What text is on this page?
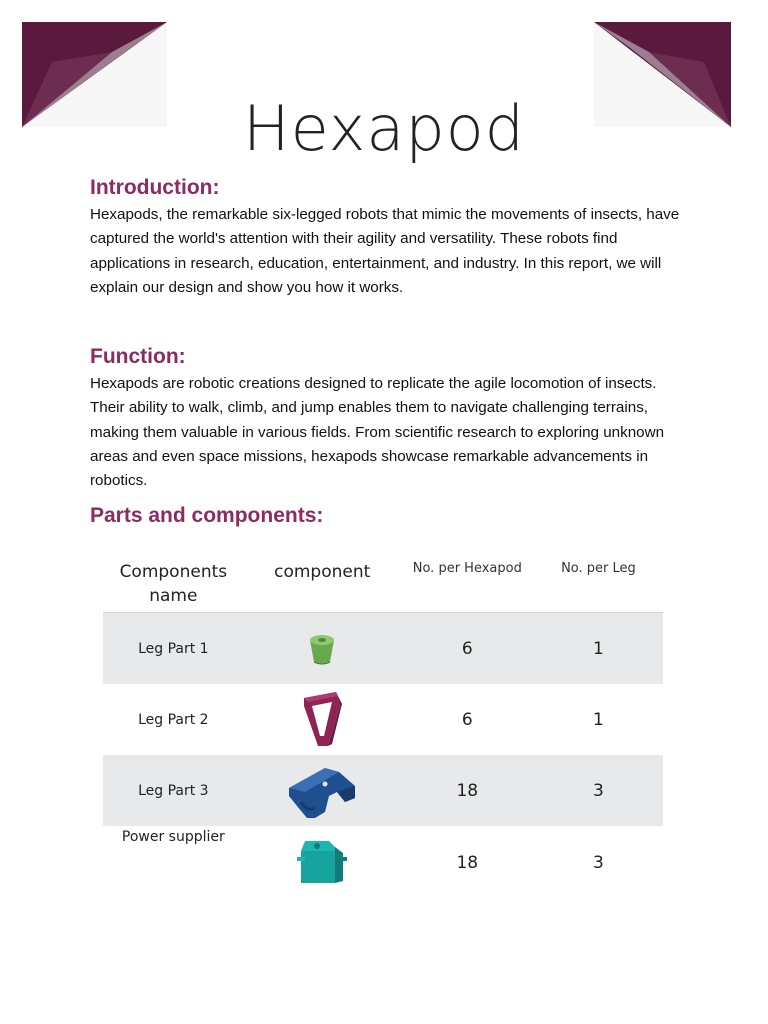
Hexapod
Introduction:

Hexapods, the remarkable six-legged robots that mimic the movements of insects, have captured the world's attention with their agility and versatility. These robots find applications in research, education, entertainment, and industry. In this report, we will explain our design and show you how it works.

Function:

Hexapods are robotic creations designed to replicate the agile locomotion of insects. Their ability to walk, climb, and jump enables them to navigate challenging terrains, making them valuable in various fields. From scientific research to exploring unknown areas and even space missions, hexapods showcase remarkable advancements in robotics.

Parts and components:
Components name	component	No. per Hexapod	No. per Leg
Leg Part 1		6	1
Leg Part 2		6	1
Leg Part 3		18	3
Power supplier		18	3
